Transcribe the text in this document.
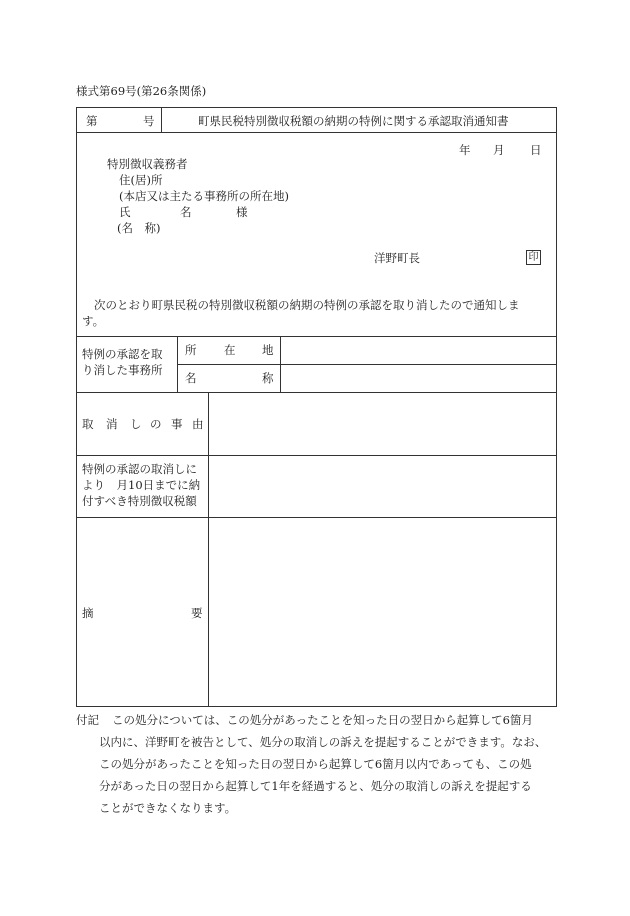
様式第69号(第26条関係)
第	号	町県民税特別徴収税額の納期の特例に関する承認取消通知書
年 月 日
特別徴収義務者
住(居)所
(本店又は主たる事務所の所在地)
氏	名	様
(名　称)
洋野町長	印
次のとおり町県民税の特別徴収税額の納期の特例の承認を取り消したので通知しま
す。
特例の承認を取
り消した事務所
所 在 地
名	称
取 消 し の 事 由
特例の承認の取消しに
より　月10日までに納
付すべき特別徴収税額
摘	要
付記 この処分については、この処分があったことを知った日の翌日から起算して6箇月
以内に、洋野町を被告として、処分の取消しの訴えを提起することができます。なお、
この処分があったことを知った日の翌日から起算して6箇月以内であっても、この処
分があった日の翌日から起算して1年を経過すると、処分の取消しの訴えを提起する
ことができなくなります。
